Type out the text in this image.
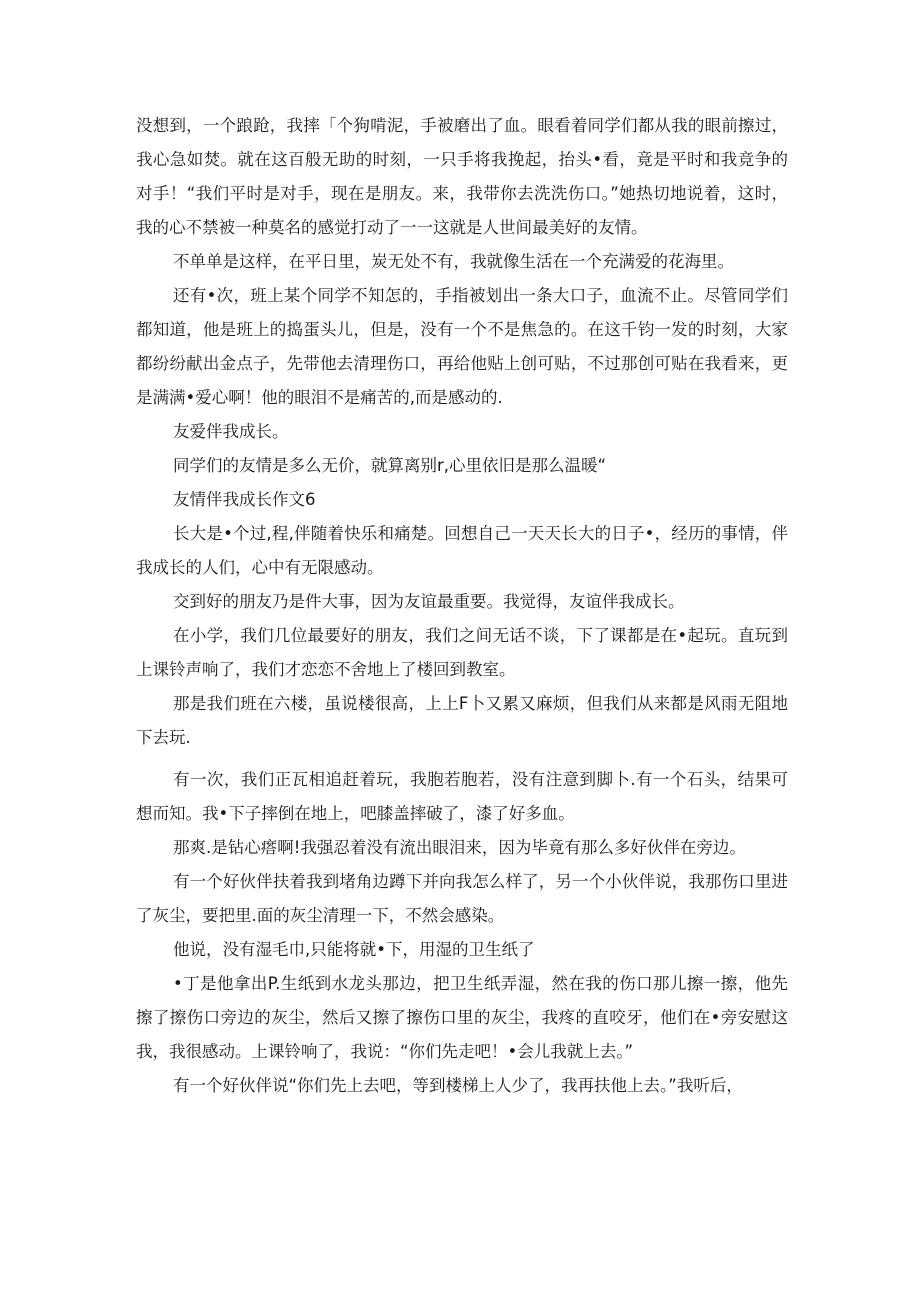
没想到，一个踉跄，我摔「个狗啃泥，手被磨出了血。眼看着同学们都从我的眼前擦过，我心急如焚。就在这百般无助的时刻，一只手将我挽起，抬头•看，竟是平时和我竞争的对手！“我们平时是对手，现在是朋友。来，我带你去洗洗伤口。”她热切地说着，这时，我的心不禁被一种莫名的感觉打动了一一这就是人世间最美好的友情。

不单单是这样，在平日里，炭无处不有，我就像生活在一个充满爱的花海里。

还有•次，班上某个同学不知怎的，手指被划出一条大口子，血流不止。尽管同学们都知道，他是班上的捣蛋头儿，但是，没有一个不是焦急的。在这千钧一发的时刻，大家都纷纷献出金点子，先带他去清理伤口，再给他贴上创可贴，不过那创可贴在我看来，更是满满•爱心啊！他的眼泪不是痛苦的,而是感动的.

友爱伴我成长。

同学们的友情是多么无价，就算离别r,心里依旧是那么温暖“

友情伴我成长作文6

长大是•个过,程,伴随着快乐和痛楚。回想自己一天天长大的日子•，经历的事情，伴我成长的人们，心中有无限感动。

交到好的朋友乃是件大事，因为友谊最重要。我觉得，友谊伴我成长。

在小学，我们几位最要好的朋友，我们之间无话不谈，下了课都是在•起玩。直玩到上课铃声响了，我们才恋恋不舍地上了楼回到教室。

那是我们班在六楼，虽说楼很高，上上F卜又累又麻烦，但我们从来都是风雨无阻地下去玩.

有一次，我们正瓦相追赶着玩，我胞若胞若，没有注意到脚卜.有一个石头，结果可想而知。我•下子摔倒在地上，吧膝盖摔破了，漆了好多血。

那爽.是钻心瘩啊!我强忍着没有流出眼泪来，因为毕竟有那么多好伙伴在旁边。

有一个好伙伴扶着我到堵角边蹲下并向我怎么样了，另一个小伙伴说，我那伤口里进了灰尘，要把里.面的灰尘清理一下，不然会感染。

他说，没有湿毛巾,只能将就•下，用湿的卫生纸了

•丁是他拿出P.生纸到水龙头那边，把卫生纸弄湿，然在我的伤口那儿擦一擦，他先擦了擦伤口旁边的灰尘，然后又擦了擦伤口里的灰尘，我疼的直咬牙，他们在•旁安慰这我，我很感动。上课铃响了，我说：“你们先走吧！•会儿我就上去。”

有一个好伙伴说“你们先上去吧，等到楼梯上人少了，我再扶他上去。”我听后，
